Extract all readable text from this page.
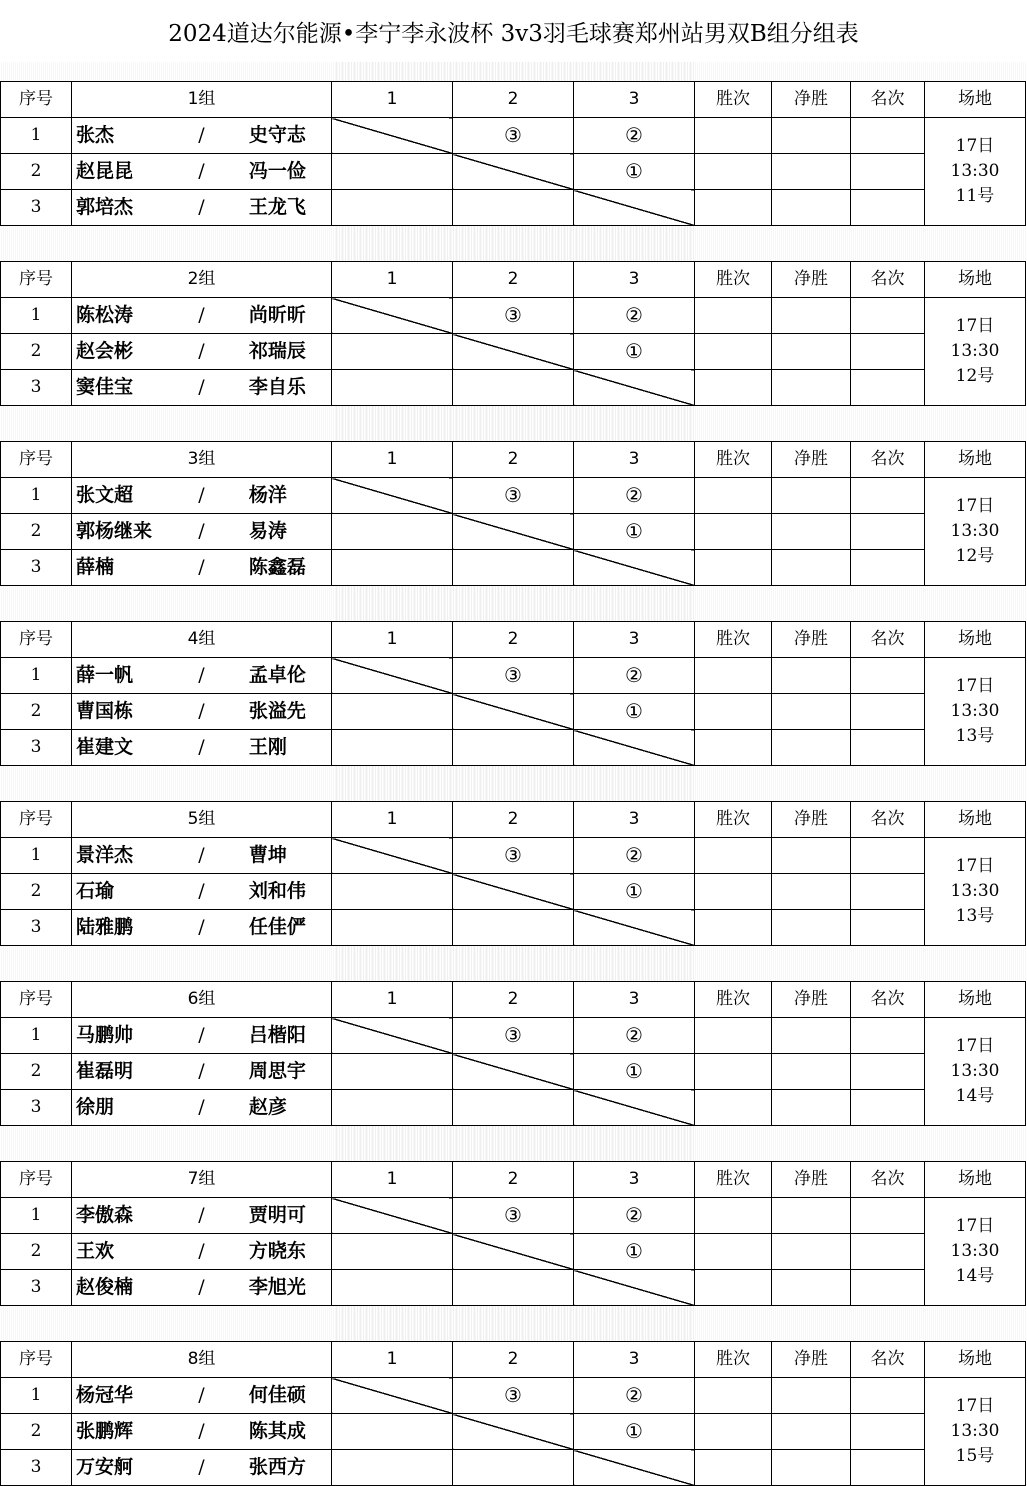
2024道达尔能源•李宁李永波杯 3v3羽毛球赛郑州站男双B组分组表
序号	1组			1	2	3	胜次	净胜	名次	场地
1	张杰	/	史守志		③	②				17日
13:30
11号

2	赵昆昆	/	冯一俭			①				
3	郭培杰	/	王龙飞							
序号	2组			1	2	3	胜次	净胜	名次	场地
1	陈松涛	/	尚昕昕		③	②				17日
13:30
12号

2	赵会彬	/	祁瑞辰			①				
3	窦佳宝	/	李自乐							
序号	3组			1	2	3	胜次	净胜	名次	场地
1	张文超	/	杨洋		③	②				17日
13:30
12号

2	郭杨继来	/	易涛			①				
3	薛楠	/	陈鑫磊							
序号	4组			1	2	3	胜次	净胜	名次	场地
1	薛一帆	/	孟卓伦		③	②				17日
13:30
13号

2	曹国栋	/	张溢先			①				
3	崔建文	/	王刚							
序号	5组			1	2	3	胜次	净胜	名次	场地
1	景洋杰	/	曹坤		③	②				17日
13:30
13号

2	石瑜	/	刘和伟			①				
3	陆雅鹏	/	任佳俨							
序号	6组			1	2	3	胜次	净胜	名次	场地
1	马鹏帅	/	吕楷阳		③	②				17日
13:30
14号

2	崔磊明	/	周思宇			①				
3	徐朋	/	赵彦							
序号	7组			1	2	3	胜次	净胜	名次	场地
1	李傲森	/	贾明可		③	②				17日
13:30
14号

2	王欢	/	方晓东			①				
3	赵俊楠	/	李旭光							
序号	8组			1	2	3	胜次	净胜	名次	场地
1	杨冠华	/	何佳硕		③	②				17日
13:30
15号

2	张鹏辉	/	陈其成			①				
3	万安舸	/	张西方							
